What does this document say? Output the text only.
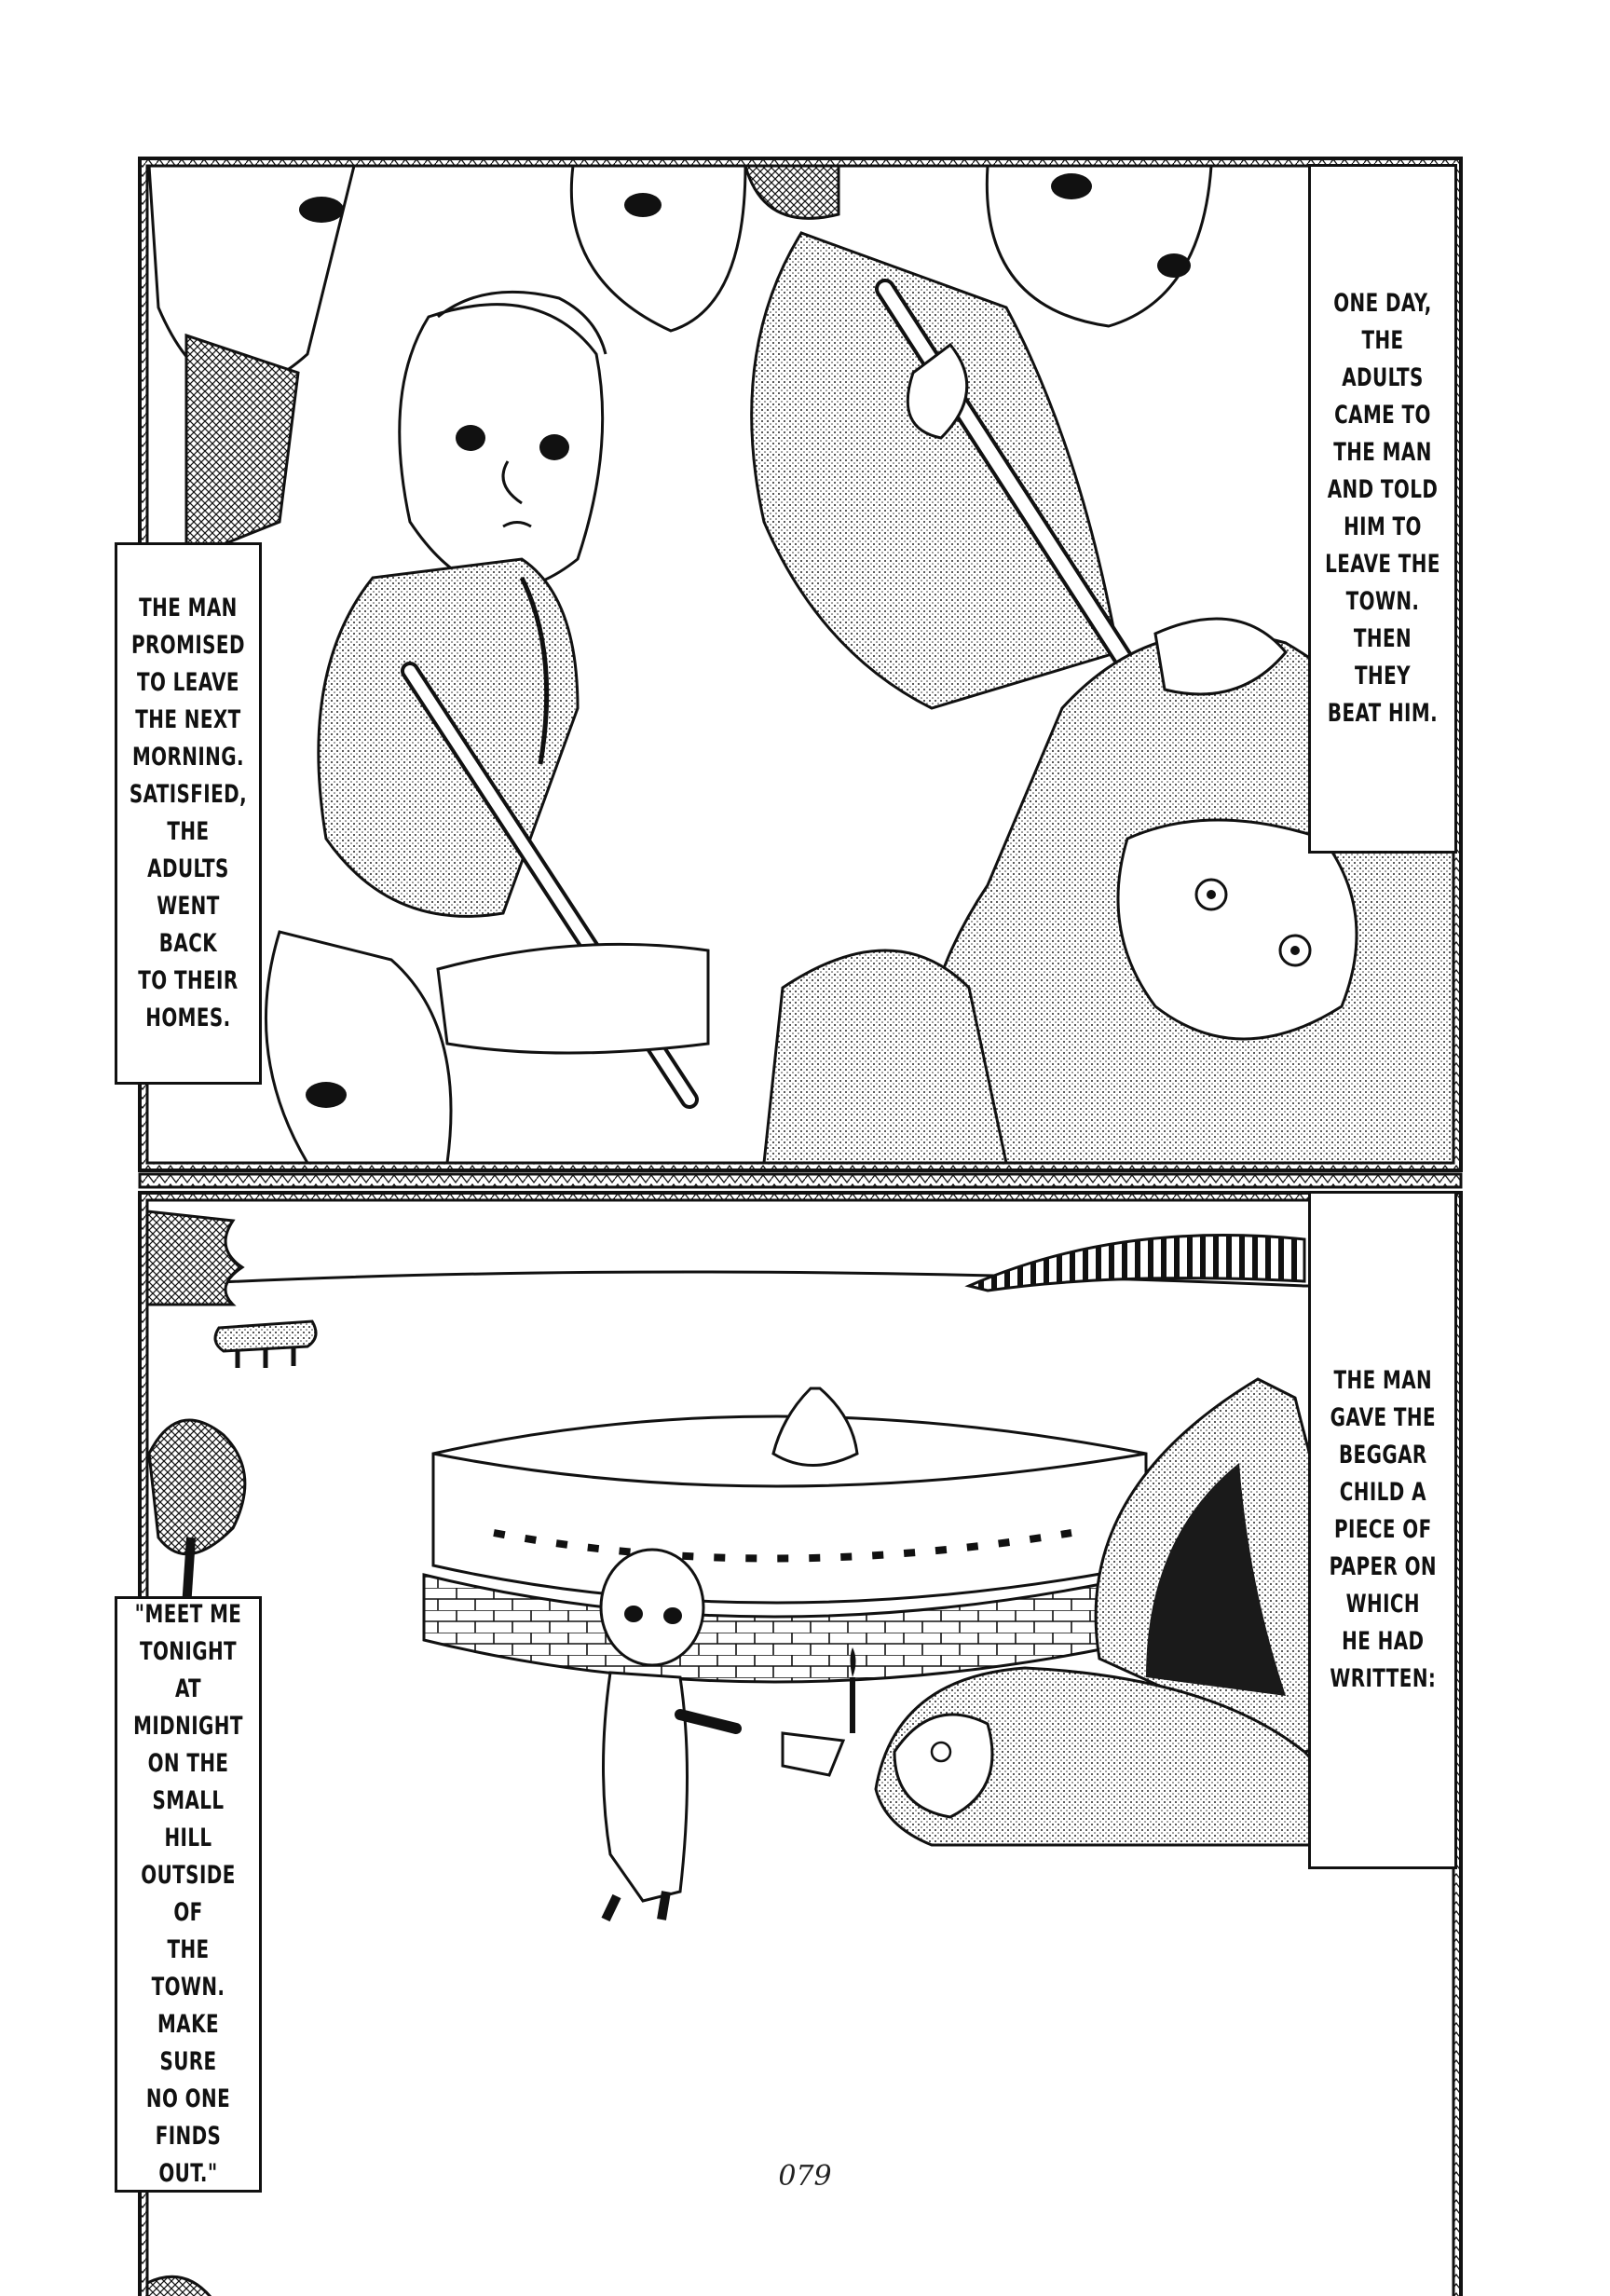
ONE DAY,
THE ADULTS
CAME TO
THE MAN
AND TOLD
HIM TO
LEAVE THE
TOWN.
THEN THEY
BEAT HIM.
THE MAN
PROMISED
TO LEAVE
THE NEXT
MORNING.
SATISFIED,
THE ADULTS
WENT BACK
TO THEIR
HOMES.
THE MAN
GAVE THE
BEGGAR
CHILD A
PIECE OF
PAPER ON
WHICH
HE HAD
WRITTEN:
"MEET ME
TONIGHT AT
MIDNIGHT
ON THE
SMALL HILL
OUTSIDE OF
THE TOWN.
MAKE SURE
NO ONE
FINDS OUT."	079
